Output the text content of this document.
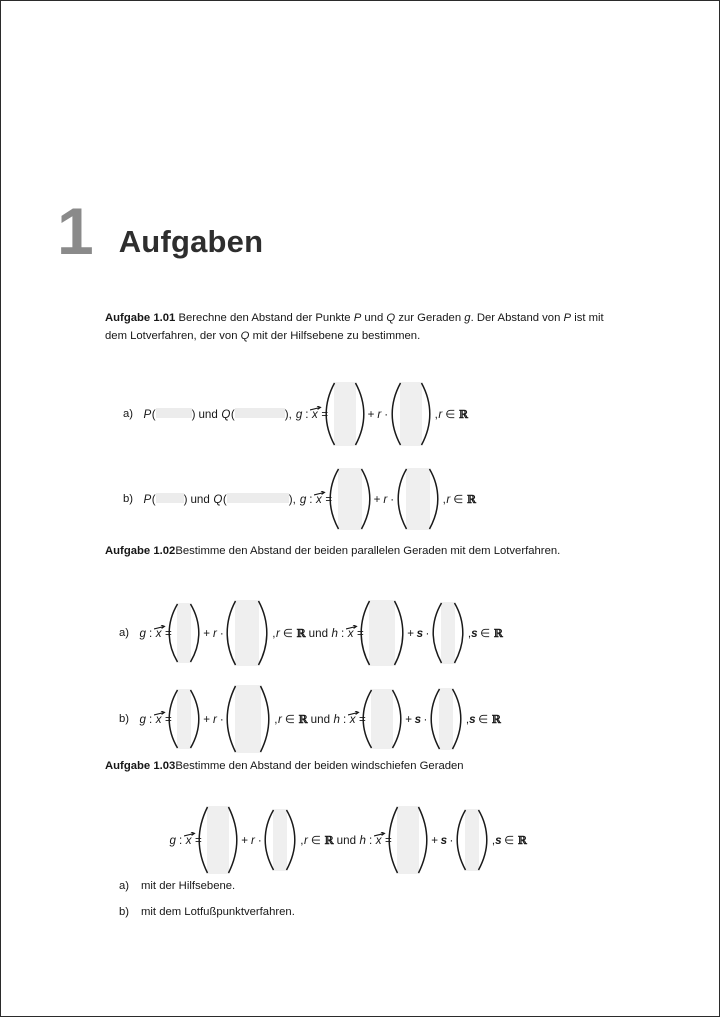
1 Aufgaben
Aufgabe 1.01 Berechne den Abstand der Punkte P und Q zur Geraden g. Der Abstand von P ist mit dem Lotverfahren, der von Q mit der Hilfsebene zu bestimmen.
a) P (	) und Q (	) , g : x =	+ r ·	, r ∈ ℝ
b) P ( ) und Q (	) , g : x =	+ r ·	, r ∈ ℝ
Aufgabe 1.02Bestimme den Abstand der beiden parallelen Geraden mit dem Lotverfahren.
a) g : x =	+ r ·	, r ∈ ℝ und h : x =	+ s ·	, s ∈ ℝ
b) g : x =	+ r ·	, r ∈ ℝ und h : x =	+ s ·	, s ∈ ℝ
Aufgabe 1.03Bestimme den Abstand der beiden windschiefen Geraden
g : x =	+ r ·	, r ∈ ℝ und h : x =	+ s ·	, s ∈ ℝ
a)	mit der Hilfsebene.
b)	mit dem Lotfußpunktverfahren.
